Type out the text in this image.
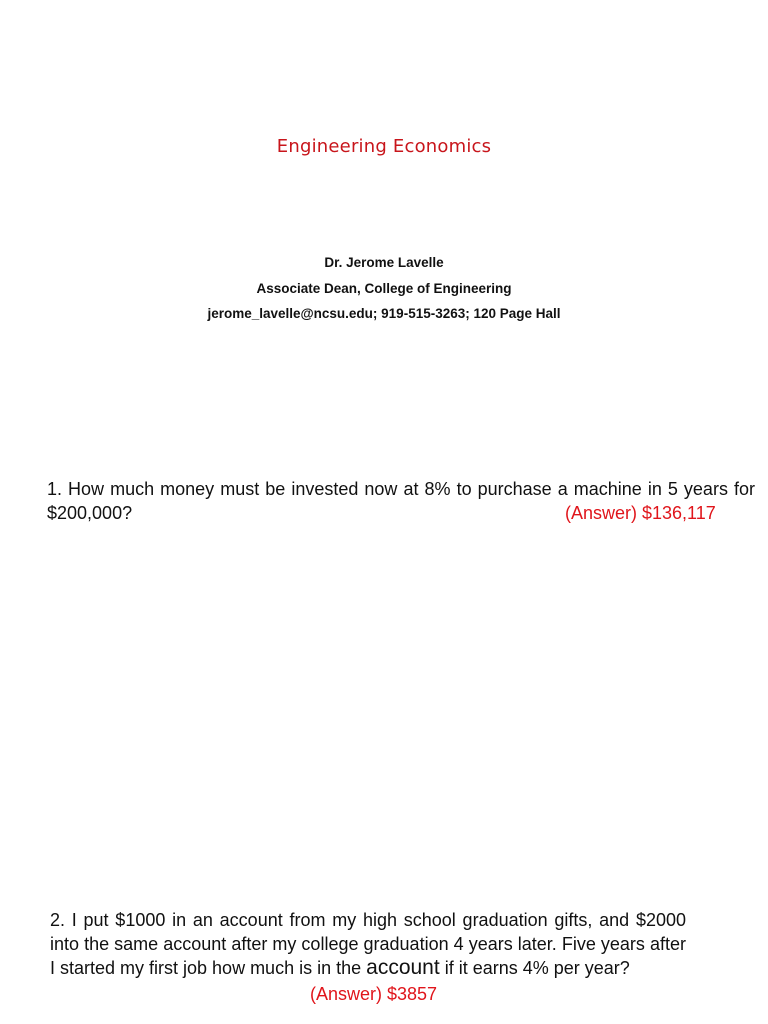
Engineering Economics
Dr. Jerome Lavelle
Associate Dean, College of Engineering
jerome_lavelle@ncsu.edu; 919-515-3263; 120 Page Hall
1. How much money must be invested now at 8% to purchase a machine in 5 years for $200,000?	(Answer) $136,117
2. I put $1000 in an account from my high school graduation gifts, and $2000 into the same account after my college graduation 4 years later. Five years after I started my first job how much is in the account if it earns 4% per year?
(Answer) $3857
